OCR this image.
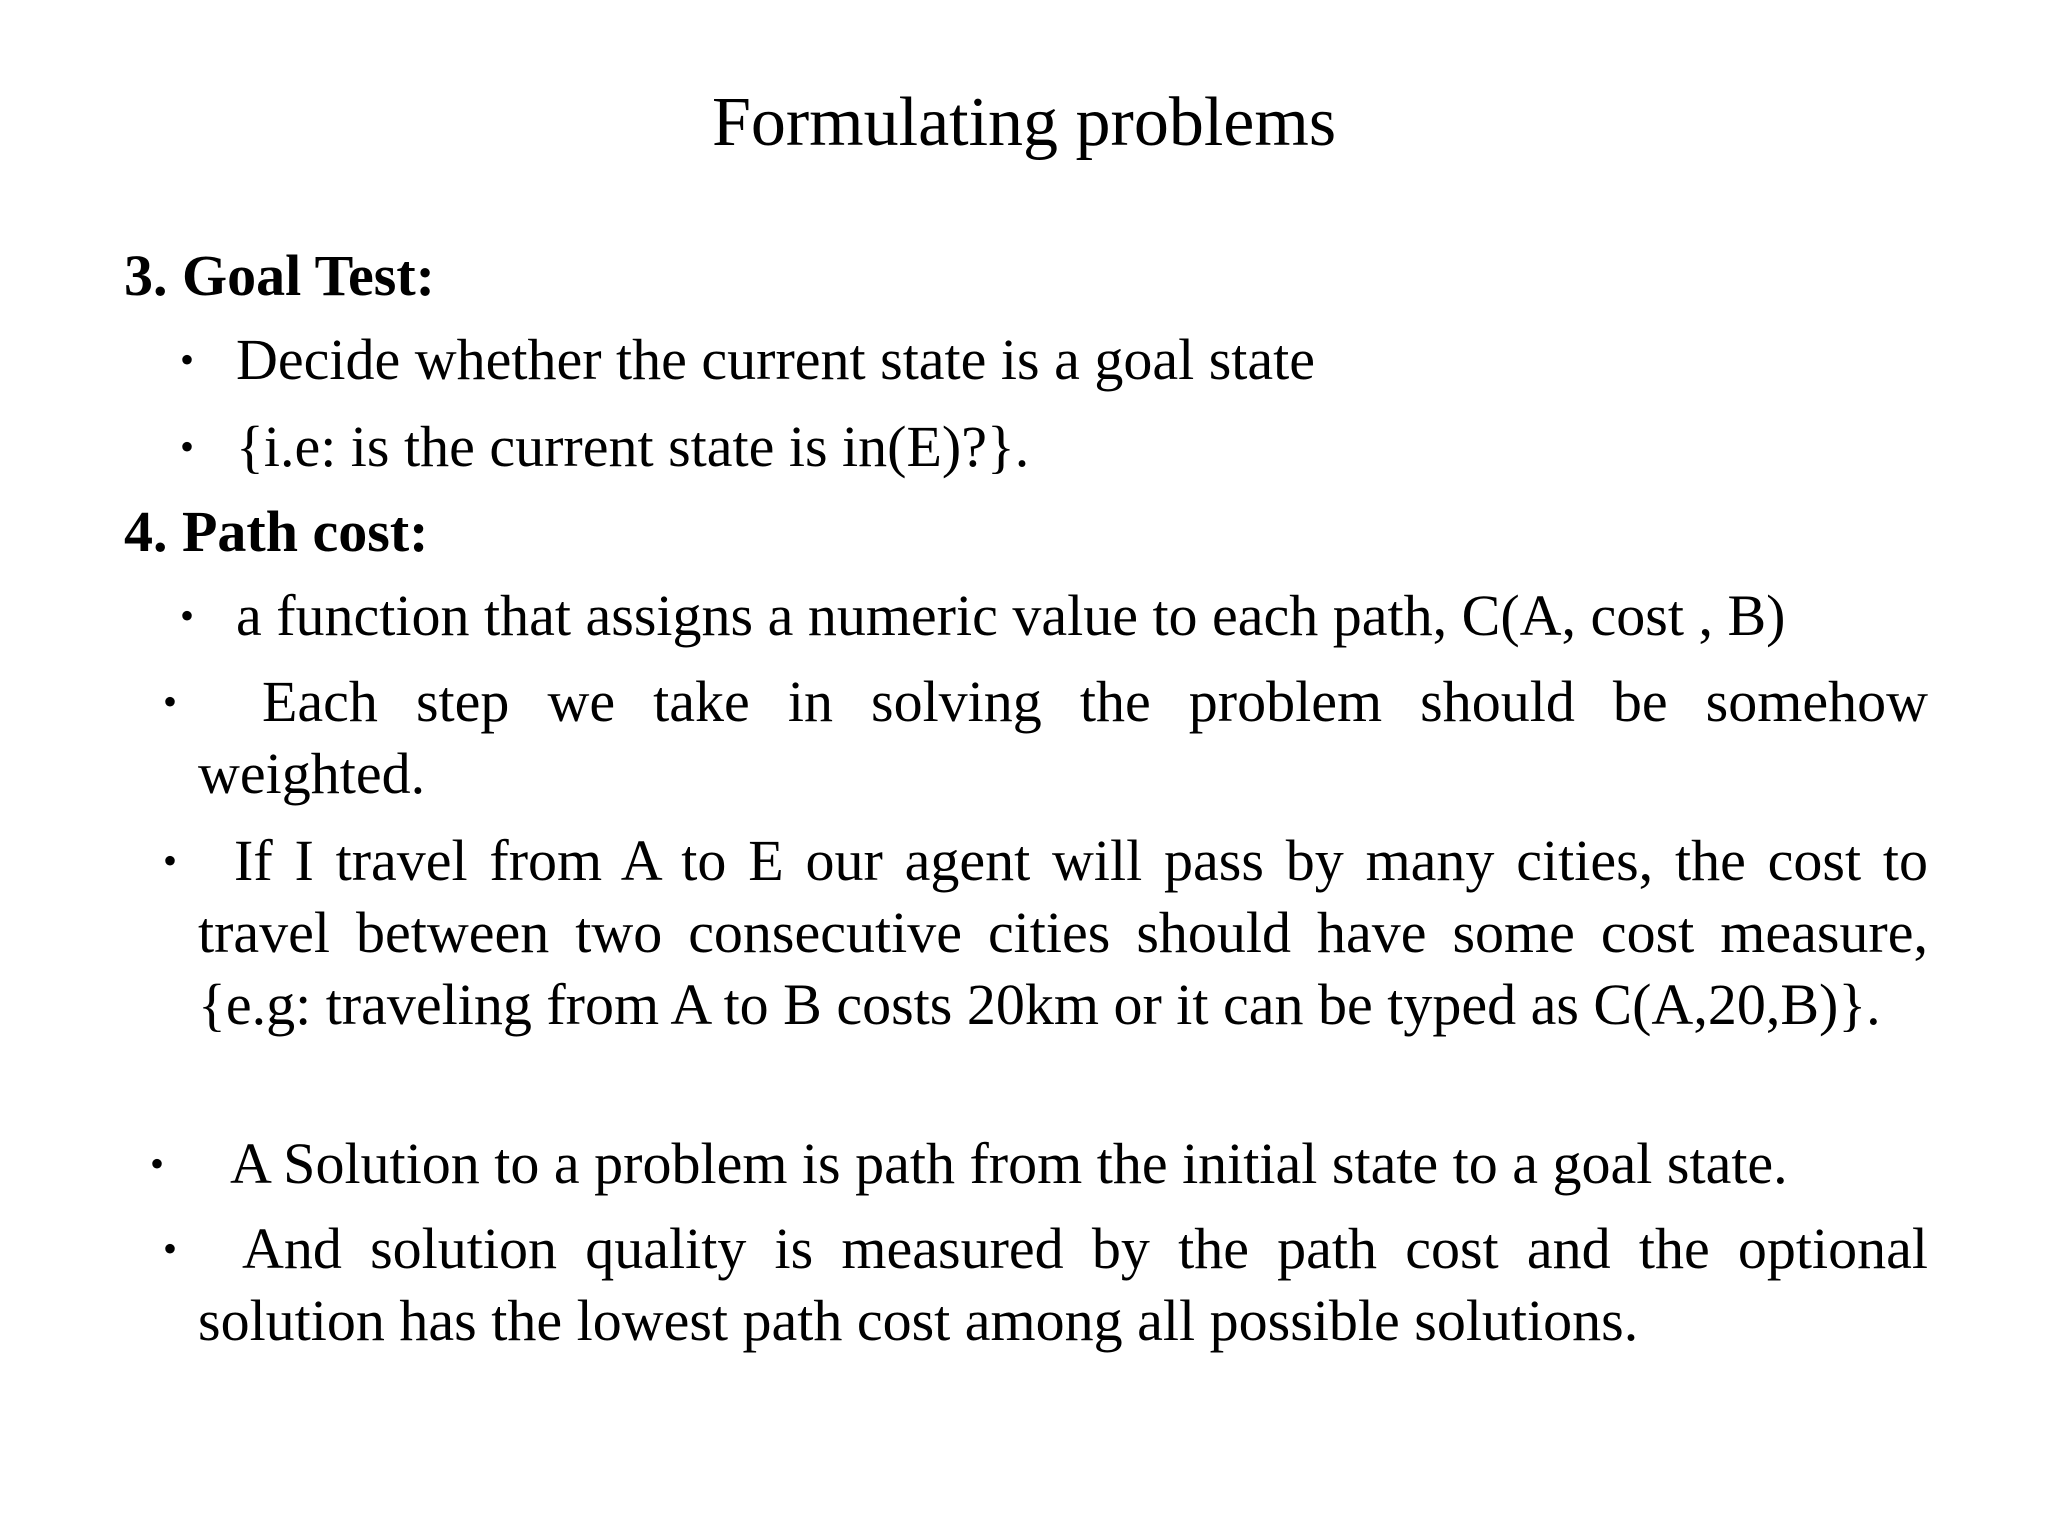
Formulating problems
3. Goal Test:
• Decide whether the current state is a goal state
• {i.e: is the current state is in(E)?}.
4. Path cost:
• a function that assigns a numeric value to each path, C(A, cost , B)
•	Each step we take in solving the problem should be somehow weighted.
• If I travel from A to E our agent will pass by many cities, the cost to travel between two consecutive cities should have some cost measure, {e.g: traveling from A to B costs 20km or it can be typed as C(A,20,B)}.
• A Solution to a problem is path from the initial state to a goal state.
•	And solution quality is measured by the path cost and the optional solution has the lowest path cost among all possible solutions.
